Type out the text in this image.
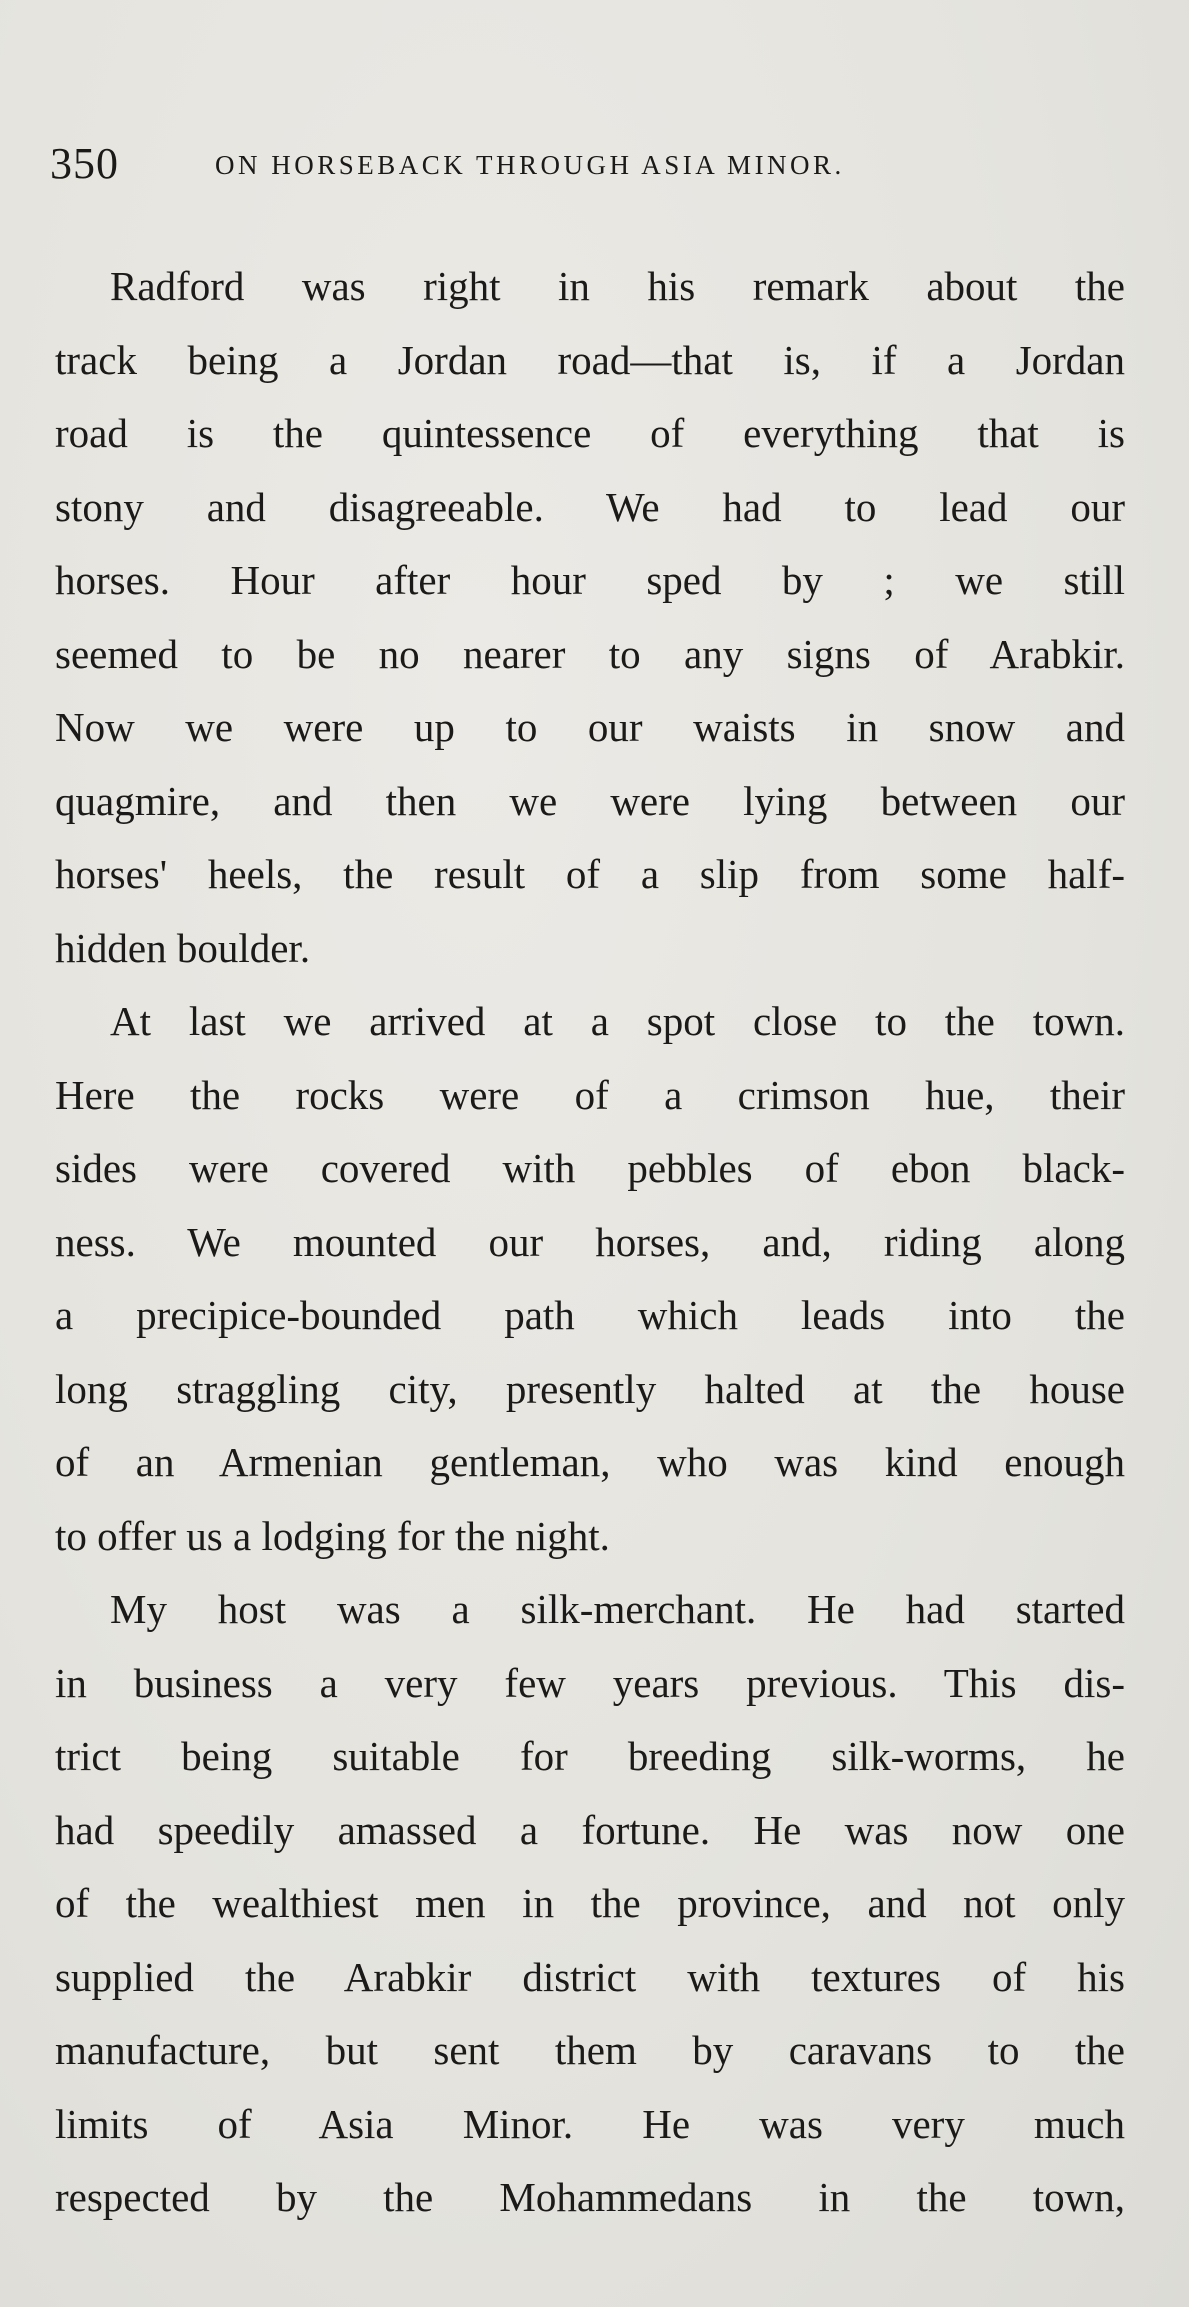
350	ON HORSEBACK THROUGH ASIA MINOR.
Radford was right in his remark about the
track being a Jordan road—that is, if a Jordan
road is the quintessence of everything that is
stony and disagreeable. We had to lead our
horses. Hour after hour sped by ; we still
seemed to be no nearer to any signs of Arabkir.
Now we were up to our waists in snow and
quagmire, and then we were lying between our
horses' heels, the result of a slip from some half-
hidden boulder.
At last we arrived at a spot close to the town.
Here the rocks were of a crimson hue, their
sides were covered with pebbles of ebon black-
ness. We mounted our horses, and, riding along
a precipice-bounded path which leads into the
long straggling city, presently halted at the house
of an Armenian gentleman, who was kind enough
to offer us a lodging for the night.
My host was a silk-merchant. He had started
in business a very few years previous. This dis-
trict being suitable for breeding silk-worms, he
had speedily amassed a fortune. He was now one
of the wealthiest men in the province, and not only
supplied the Arabkir district with textures of his
manufacture, but sent them by caravans to the
limits of Asia Minor. He was very much
respected by the Mohammedans in the town,
